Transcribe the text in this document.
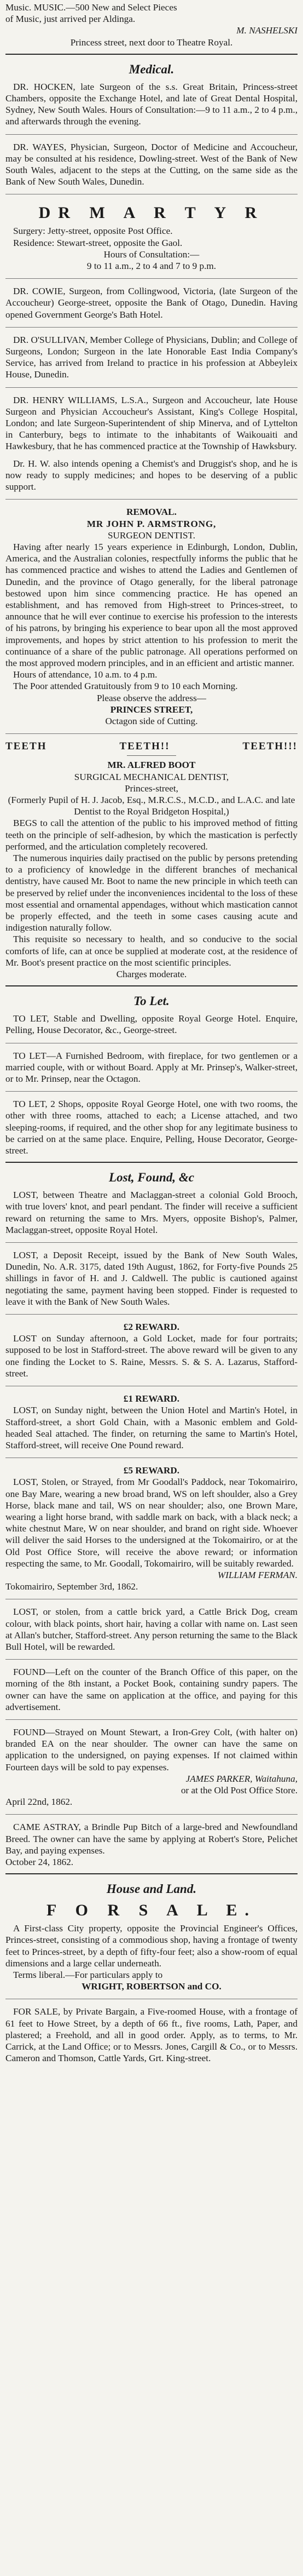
Music. MUSIC.—500 New and Select Pieces

of Music, just arrived per Aldinga.

M. NASHELSKI

Princess street, next door to Theatre Royal.

Medical.

DR. HOCKEN, late Surgeon of the s.s. Great Britain, Princess-street Chambers, opposite the Exchange Hotel, and late of Great Dental Hospital, Sydney, New South Wales. Hours of Consultation:—9 to 11 a.m., 2 to 4 p.m., and afterwards through the evening.

DR. WAYES, Physician, Surgeon, Doctor of Medicine and Accoucheur, may be consulted at his residence, Dowling-street. West of the Bank of New South Wales, adjacent to the steps at the Cutting, on the same side as the Bank of New South Wales, Dunedin.

DR M A R T Y R

Surgery: Jetty-street, opposite Post Office.

Residence: Stewart-street, opposite the Gaol.

Hours of Consultation:—

9 to 11 a.m., 2 to 4 and 7 to 9 p.m.

DR. COWIE, Surgeon, from Collingwood, Victoria, (late Surgeon of the Accoucheur) George-street, opposite the Bank of Otago, Dunedin. Having opened Government George's Bath Hotel.

DR. O'SULLIVAN, Member College of Physicians, Dublin; and College of Surgeons, London; Surgeon in the late Honorable East India Company's Service, has arrived from Ireland to practice in his profession at Abbeyleix House, Dunedin.

DR. HENRY WILLIAMS, L.S.A., Surgeon and Accoucheur, late House Surgeon and Physician Accoucheur's Assistant, King's College Hospital, London; and late Surgeon-Superintendent of ship Minerva, and of Lyttelton in Canterbury, begs to intimate to the inhabitants of Waikouaiti and Hawkesbury, that he has commenced practice at the Township of Hawksbury.

Dr. H. W. also intends opening a Chemist's and Druggist's shop, and he is now ready to supply medicines; and hopes to be deserving of a public support.

REMOVAL.

MR JOHN P. ARMSTRONG,

SURGEON DENTIST.

Having after nearly 15 years experience in Edinburgh, London, Dublin, America, and the Australian colonies, respectfully informs the public that he has commenced practice and wishes to attend the Ladies and Gentlemen of Dunedin, and the province of Otago generally, for the liberal patronage bestowed upon him since commencing practice. He has opened an establishment, and has removed from High-street to Princes-street, to announce that he will ever continue to exercise his profession to the interests of his patrons, by bringing his experience to bear upon all the most approved improvements, and hopes by strict attention to his profession to merit the continuance of a share of the public patronage. All operations performed on the most approved modern principles, and in an efficient and artistic manner.

Hours of attendance, 10 a.m. to 4 p.m.

The Poor attended Gratuitously from 9 to 10 each Morning.

Please observe the address—

PRINCES STREET,

Octagon side of Cutting.

TEETH	TEETH!!	TEETH!!!

MR. ALFRED BOOT

SURGICAL MECHANICAL DENTIST,

Princes-street,

(Formerly Pupil of H. J. Jacob, Esq., M.R.C.S., M.C.D., and L.A.C. and late Dentist to the Royal Bridgeton Hospital,)

BEGS to call the attention of the public to his improved method of fitting teeth on the principle of self-adhesion, by which the mastication is perfectly performed, and the articulation completely recovered.

The numerous inquiries daily practised on the public by persons pretending to a proficiency of knowledge in the different branches of mechanical dentistry, have caused Mr. Boot to name the new principle in which teeth can be preserved by relief under the inconveniences incidental to the loss of these most essential and ornamental appendages, without which mastication cannot be properly effected, and the teeth in some cases causing acute and indigestion naturally follow.

This requisite so necessary to health, and so conducive to the social comforts of life, can at once be supplied at moderate cost, at the residence of Mr. Boot's present practice on the most scientific principles.

Charges moderate.

To Let.

TO LET, Stable and Dwelling, opposite Royal George Hotel. Enquire, Pelling, House Decorator, &c., George-street.

TO LET—A Furnished Bedroom, with fireplace, for two gentlemen or a married couple, with or without Board. Apply at Mr. Prinsep's, Walker-street, or to Mr. Prinsep, near the Octagon.

TO LET, 2 Shops, opposite Royal George Hotel, one with two rooms, the other with three rooms, attached to each; a License attached, and two sleeping-rooms, if required, and the other shop for any legitimate business to be carried on at the same place. Enquire, Pelling, House Decorator, George-street.

Lost, Found, &c

LOST, between Theatre and Maclaggan-street a colonial Gold Brooch, with true lovers' knot, and pearl pendant. The finder will receive a sufficient reward on returning the same to Mrs. Myers, opposite Bishop's, Palmer, Maclaggan-street, opposite Royal Hotel.

LOST, a Deposit Receipt, issued by the Bank of New South Wales, Dunedin, No. A.R. 3175, dated 19th August, 1862, for Forty-five Pounds 25 shillings in favor of H. and J. Caldwell. The public is cautioned against negotiating the same, payment having been stopped. Finder is requested to leave it with the Bank of New South Wales.

£2 REWARD.

LOST on Sunday afternoon, a Gold Locket, made for four portraits; supposed to be lost in Stafford-street. The above reward will be given to any one finding the Locket to S. Raine, Messrs. S. & S. A. Lazarus, Stafford-street.

£1 REWARD.

LOST, on Sunday night, between the Union Hotel and Martin's Hotel, in Stafford-street, a short Gold Chain, with a Masonic emblem and Gold-headed Seal attached. The finder, on returning the same to Martin's Hotel, Stafford-street, will receive One Pound reward.

£5 REWARD.

LOST, Stolen, or Strayed, from Mr Goodall's Paddock, near Tokomairiro, one Bay Mare, wearing a new broad brand, WS on left shoulder, also a Grey Horse, black mane and tail, WS on near shoulder; also, one Brown Mare, wearing a light horse brand, with saddle mark on back, with a black neck; a white chestnut Mare, W on near shoulder, and brand on right side. Whoever will deliver the said Horses to the undersigned at the Tokomairiro, or at the Old Post Office Store, will receive the above reward; or information respecting the same, to Mr. Goodall, Tokomairiro, will be suitably rewarded.

WILLIAM FERMAN.

Tokomairiro, September 3rd, 1862.

LOST, or stolen, from a cattle brick yard, a Cattle Brick Dog, cream colour, with black points, short hair, having a collar with name on. Last seen at Allan's butcher, Stafford-street. Any person returning the same to the Black Bull Hotel, will be rewarded.

FOUND—Left on the counter of the Branch Office of this paper, on the morning of the 8th instant, a Pocket Book, containing sundry papers. The owner can have the same on application at the office, and paying for this advertisement.

FOUND—Strayed on Mount Stewart, a Iron-Grey Colt, (with halter on) branded EA on the near shoulder. The owner can have the same on application to the undersigned, on paying expenses. If not claimed within Fourteen days will be sold to pay expenses.

JAMES PARKER, Waitahuna,

or at the Old Post Office Store.

April 22nd, 1862.

CAME ASTRAY, a Brindle Pup Bitch of a large-bred and Newfoundland Breed. The owner can have the same by applying at Robert's Store, Pelichet Bay, and paying expenses.

October 24, 1862.

House and Land.
F O R S A L E.

A First-class City property, opposite the Provincial Engineer's Offices, Princes-street, consisting of a commodious shop, having a frontage of twenty feet to Princes-street, by a depth of fifty-four feet; also a show-room of equal dimensions and a large cellar underneath.

Terms liberal.—For particulars apply to

WRIGHT, ROBERTSON and CO.

FOR SALE, by Private Bargain, a Five-roomed House, with a frontage of 61 feet to Howe Street, by a depth of 66 ft., five rooms, Lath, Paper, and plastered; a Freehold, and all in good order. Apply, as to terms, to Mr. Carrick, at the Land Office; or to Messrs. Jones, Cargill & Co., or to Messrs. Cameron and Thomson, Cattle Yards, Grt. King-street.
